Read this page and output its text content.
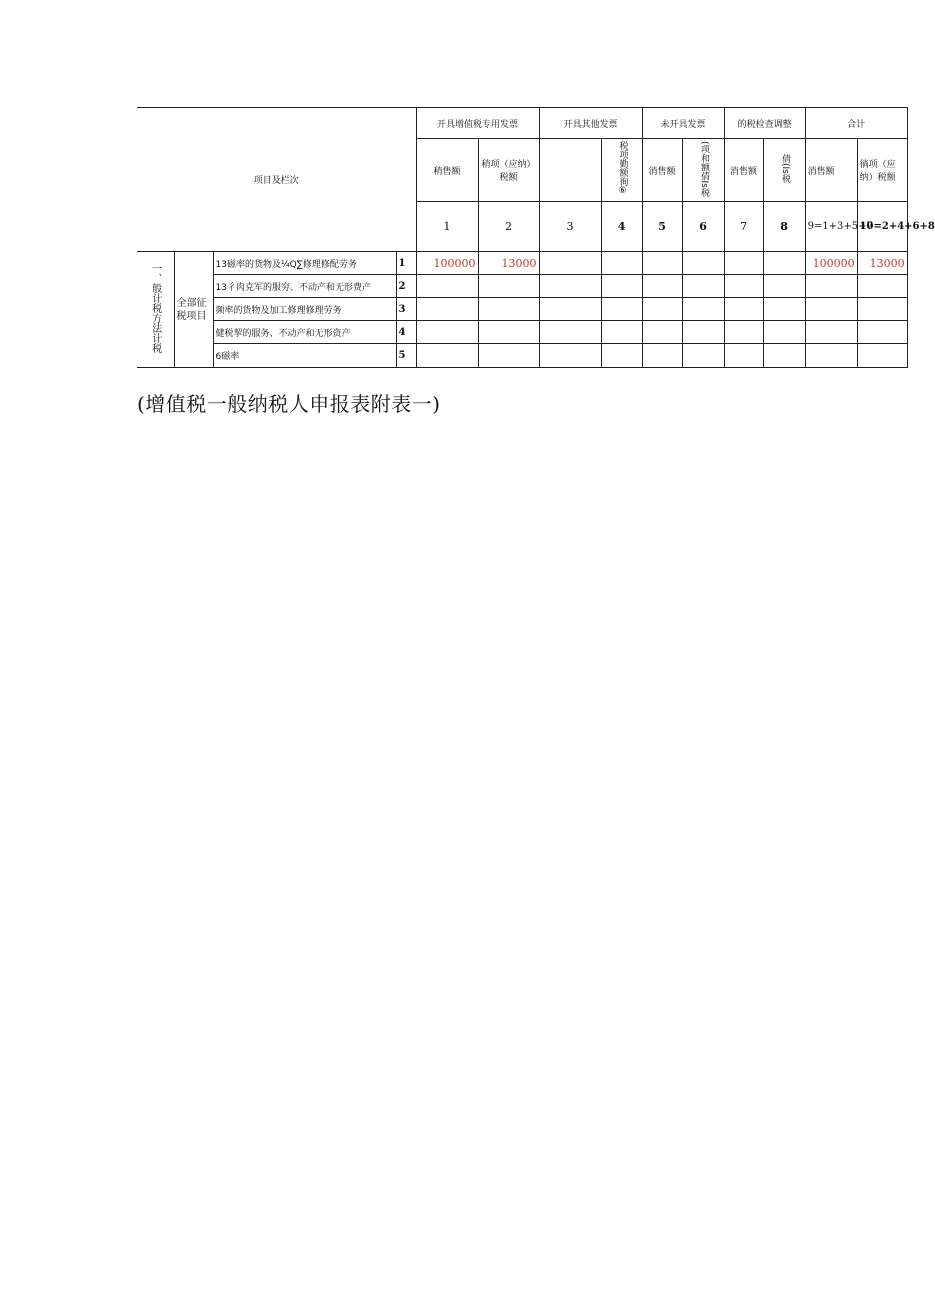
项目及栏次				开具增值税专用发票		开具其他发票		未开具发票		的税检查调整		合计	
				稍售额	稍项（应纳）税额		税项勤额徇⑥	消售额	(项和额倩Is税	消售额	倩(Is税	消售额	徜项（应纳）税额
				1	2	3	4	5	6	7	8	9=1+3+5+7	10=2+4+6+8
一、般计税方法计税	全部征税项目	13磁率的货物及¼Q∑修理修配劳务	1	100000	13000							100000	13000
		13彳肉克军的服穷、不动产和无形费产	2										
		频率的货物及加工修理修理劳务	3										
		健税挈的服务、不动产和无形资产	4										
		6磁率	5										
(增值税一般纳税人申报表附表一)
